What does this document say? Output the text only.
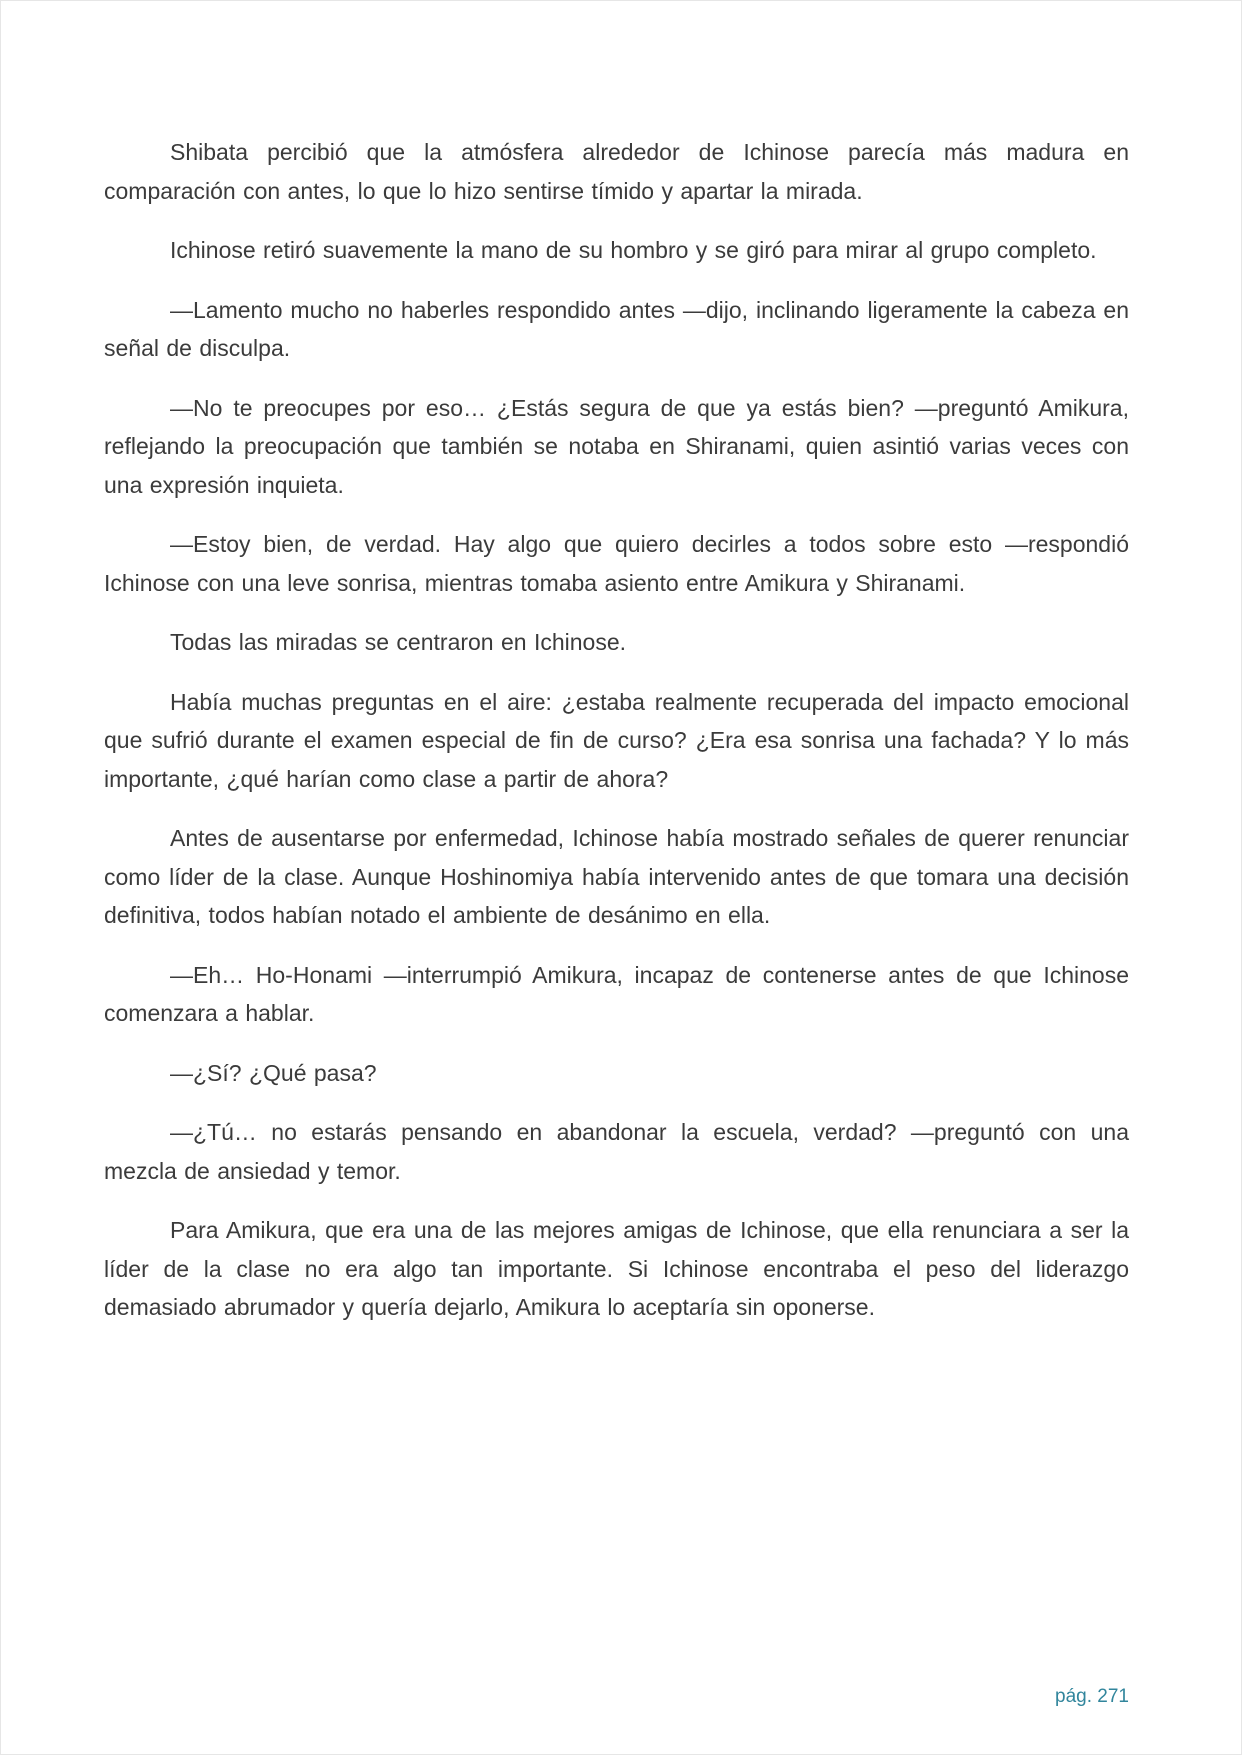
Shibata percibió que la atmósfera alrededor de Ichinose parecía más madura en comparación con antes, lo que lo hizo sentirse tímido y apartar la mirada.

Ichinose retiró suavemente la mano de su hombro y se giró para mirar al grupo completo.

—Lamento mucho no haberles respondido antes —dijo, inclinando ligeramente la cabeza en señal de disculpa.

—No te preocupes por eso… ¿Estás segura de que ya estás bien? —preguntó Amikura, reflejando la preocupación que también se notaba en Shiranami, quien asintió varias veces con una expresión inquieta.

—Estoy bien, de verdad. Hay algo que quiero decirles a todos sobre esto —respondió Ichinose con una leve sonrisa, mientras tomaba asiento entre Amikura y Shiranami.

Todas las miradas se centraron en Ichinose.

Había muchas preguntas en el aire: ¿estaba realmente recuperada del impacto emocional que sufrió durante el examen especial de fin de curso? ¿Era esa sonrisa una fachada? Y lo más importante, ¿qué harían como clase a partir de ahora?

Antes de ausentarse por enfermedad, Ichinose había mostrado señales de querer renunciar como líder de la clase. Aunque Hoshinomiya había intervenido antes de que tomara una decisión definitiva, todos habían notado el ambiente de desánimo en ella.

—Eh… Ho-Honami —interrumpió Amikura, incapaz de contenerse antes de que Ichinose comenzara a hablar.

—¿Sí? ¿Qué pasa?

—¿Tú… no estarás pensando en abandonar la escuela, verdad? —preguntó con una mezcla de ansiedad y temor.

Para Amikura, que era una de las mejores amigas de Ichinose, que ella renunciara a ser la líder de la clase no era algo tan importante. Si Ichinose encontraba el peso del liderazgo demasiado abrumador y quería dejarlo, Amikura lo aceptaría sin oponerse.

pág. 271
